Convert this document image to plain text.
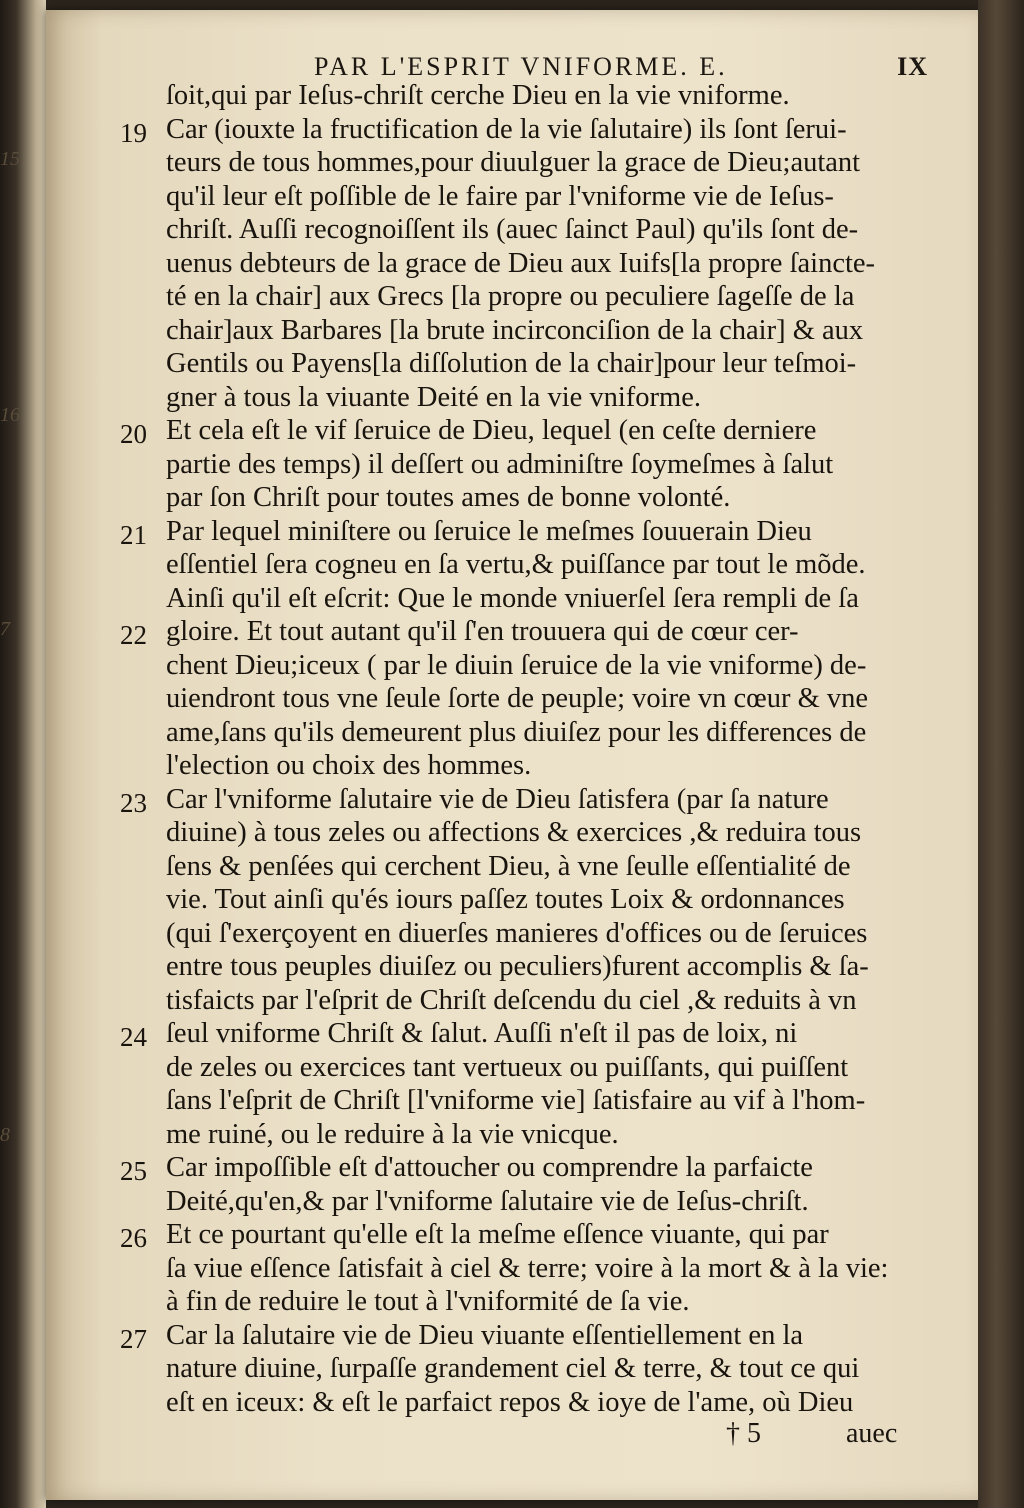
15
16
7
8
PAR L'ESPRIT VNIFORME. E.	IX
ſoit,qui par Ieſus-chriſt cerche Dieu en la vie vniforme.
Car (iouxte la fructification de la vie ſalutaire) ils ſont ſerui-
teurs de tous hommes,pour diuulguer la grace de Dieu;autant
qu'il leur eſt poſſible de le faire par l'vniforme vie de Ieſus-
chriſt. Auſſi recognoiſſent ils (auec ſainct Paul) qu'ils ſont de-
uenus debteurs de la grace de Dieu aux Iuifs[la propre ſaincte-
té en la chair] aux Grecs [la propre ou peculiere ſageſſe de la
chair]aux Barbares [la brute incirconciſion de la chair] & aux
Gentils ou Payens[la diſſolution de la chair]pour leur teſmoi-
gner à tous la viuante Deité en la vie vniforme.
Et cela eſt le vif ſeruice de Dieu, lequel (en ceſte derniere
partie des temps) il deſſert ou adminiſtre ſoymeſmes à ſalut
par ſon Chriſt pour toutes ames de bonne volonté.
Par lequel miniſtere ou ſeruice le meſmes ſouuerain Dieu
eſſentiel ſera cogneu en ſa vertu,& puiſſance par tout le mõde.
Ainſi qu'il eſt eſcrit: Que le monde vniuerſel ſera rempli de ſa
gloire. Et tout autant qu'il ſ'en trouuera qui de cœur cer-
chent Dieu;iceux ( par le diuin ſeruice de la vie vniforme) de-
uiendront tous vne ſeule ſorte de peuple; voire vn cœur & vne
ame,ſans qu'ils demeurent plus diuiſez pour les differences de
l'election ou choix des hommes.
Car l'vniforme ſalutaire vie de Dieu ſatisfera (par ſa nature
diuine) à tous zeles ou affections & exercices ,& reduira tous
ſens & penſées qui cerchent Dieu, à vne ſeulle eſſentialité de
vie. Tout ainſi qu'és iours paſſez toutes Loix & ordonnances
(qui ſ'exerçoyent en diuerſes manieres d'offices ou de ſeruices
entre tous peuples diuiſez ou peculiers)furent accomplis & ſa-
tisfaicts par l'eſprit de Chriſt deſcendu du ciel ,& reduits à vn
ſeul vniforme Chriſt & ſalut. Auſſi n'eſt il pas de loix, ni
de zeles ou exercices tant vertueux ou puiſſants, qui puiſſent
ſans l'eſprit de Chriſt [l'vniforme vie] ſatisfaire au vif à l'hom-
me ruiné, ou le reduire à la vie vnicque.
Car impoſſible eſt d'attoucher ou comprendre la parfaicte
Deité,qu'en,& par l'vniforme ſalutaire vie de Ieſus-chriſt.
Et ce pourtant qu'elle eſt la meſme eſſence viuante, qui par
ſa viue eſſence ſatisfait à ciel & terre; voire à la mort & à la vie:
à fin de reduire le tout à l'vniformité de ſa vie.
Car la ſalutaire vie de Dieu viuante eſſentiellement en la
nature diuine, ſurpaſſe grandement ciel & terre, & tout ce qui
eſt en iceux: & eſt le parfaict repos & ioye de l'ame, où Dieu
19
20
21
22
23
24
25
26
27
† 5	auec
